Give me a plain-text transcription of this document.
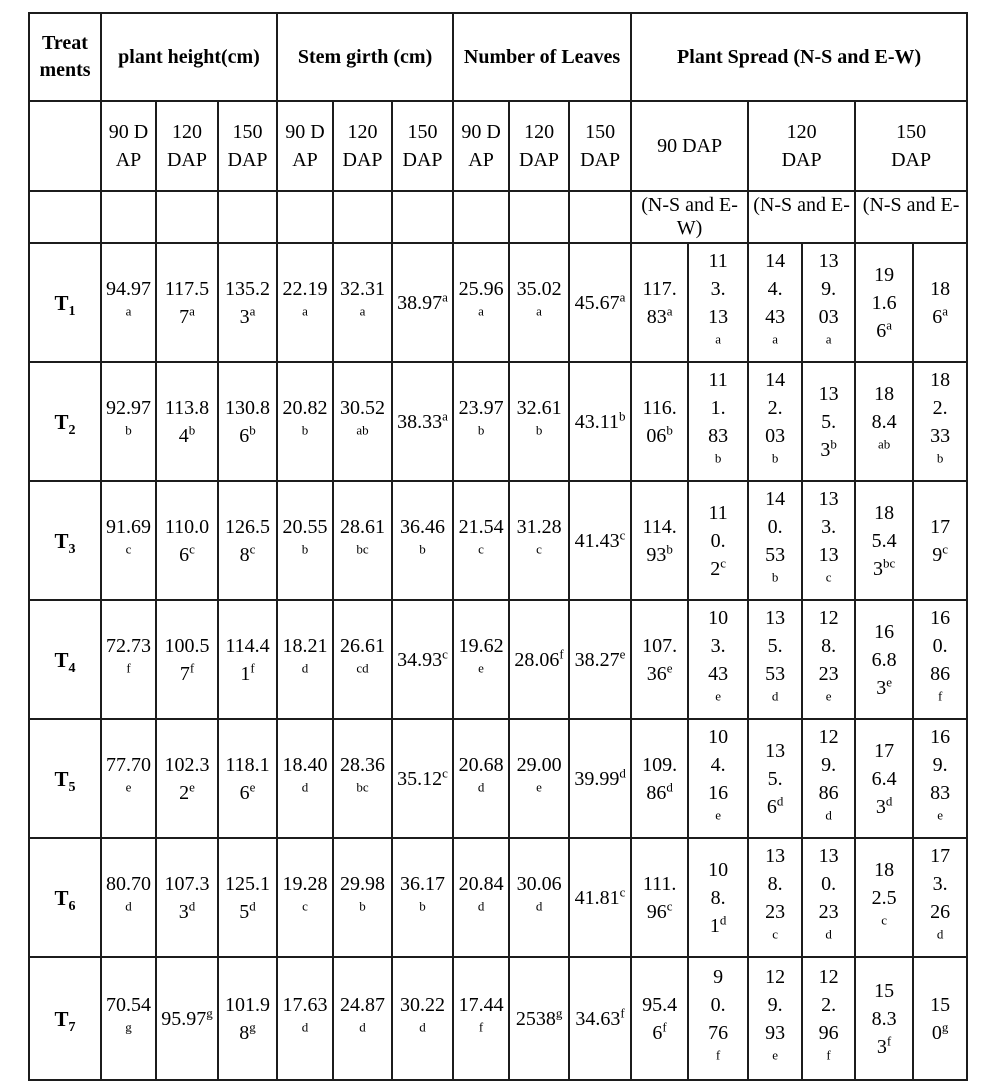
Treatments	plant height(cm)			Stem girth (cm)			Number of Leaves			Plant Spread (N-S and E-W)					
	90 DAP	120 DAP	150 DAP	90 DAP	120 DAP	150 DAP	90 DAP	120 DAP	150 DAP	90 DAP		120 DAP		150 DAP	
										(N-S and E-W)		(N-S and E-		(N-S and E-	
$T_1$	94.97$^a$	117.57$^a$	135.23$^a$	22.19$^a$	32.31$^a$	38.97$^a$	25.96$^a$	35.02$^a$	45.67$^a$	117.83$^a$	113.13$^a$	144.43$^a$	139.03$^a$	191.66$^a$	186$^a$
$T_2$	92.97$^b$	113.84$^b$	130.86$^b$	20.82$^b$	30.52$^{ab}$	38.33$^a$	23.97$^b$	32.61$^b$	43.11$^b$	116.06$^b$	111.83$^b$	142.03$^b$	135.3$^b$	188.4$^{ab}$	182.33$^b$
$T_3$	91.69$^c$	110.06$^c$	126.58$^c$	20.55$^b$	28.61$^{bc}$	36.46$^b$	21.54$^c$	31.28$^c$	41.43$^c$	114.93$^b$	110.2$^c$	140.53$^b$	133.13$^c$	185.43$^{bc}$	179$^c$
$T_4$	72.73$^f$	100.57$^f$	114.41$^f$	18.21$^d$	26.61$^{cd}$	34.93$^c$	19.62e	28.06$^f$	38.27e	107.36e	103.43e	135.53$^d$	128.23e	166.83e	160.86$^f$
$T_5$	77.70e	102.32e	118.16e	18.40$^d$	28.36$^{bc}$	35.12$^c$	20.68$^d$	29.00e	39.99$^d$	109.86$^d$	104.16e	135.6$^d$	129.86$^d$	176.43$^d$	169.83e
$T_6$	80.70$^d$	107.33$^d$	125.15$^d$	19.28$^c$	29.98$^b$	36.17$^b$	20.84$^d$	30.06$^d$	41.81$^c$	111.96$^c$	108.1$^d$	138.23$^c$	130.23$^d$	182.5$^c$	173.26$^d$
$T_7$	70.54$^g$	95.97$^g$	101.98$^g$	17.63$^d$	24.87$^d$	30.22$^d$	17.44$^f$	2538$^g$	34.63$^f$	95.46$^f$	90.76$^f$	129.93e	122.96$^f$	158.33$^f$	150$^g$
